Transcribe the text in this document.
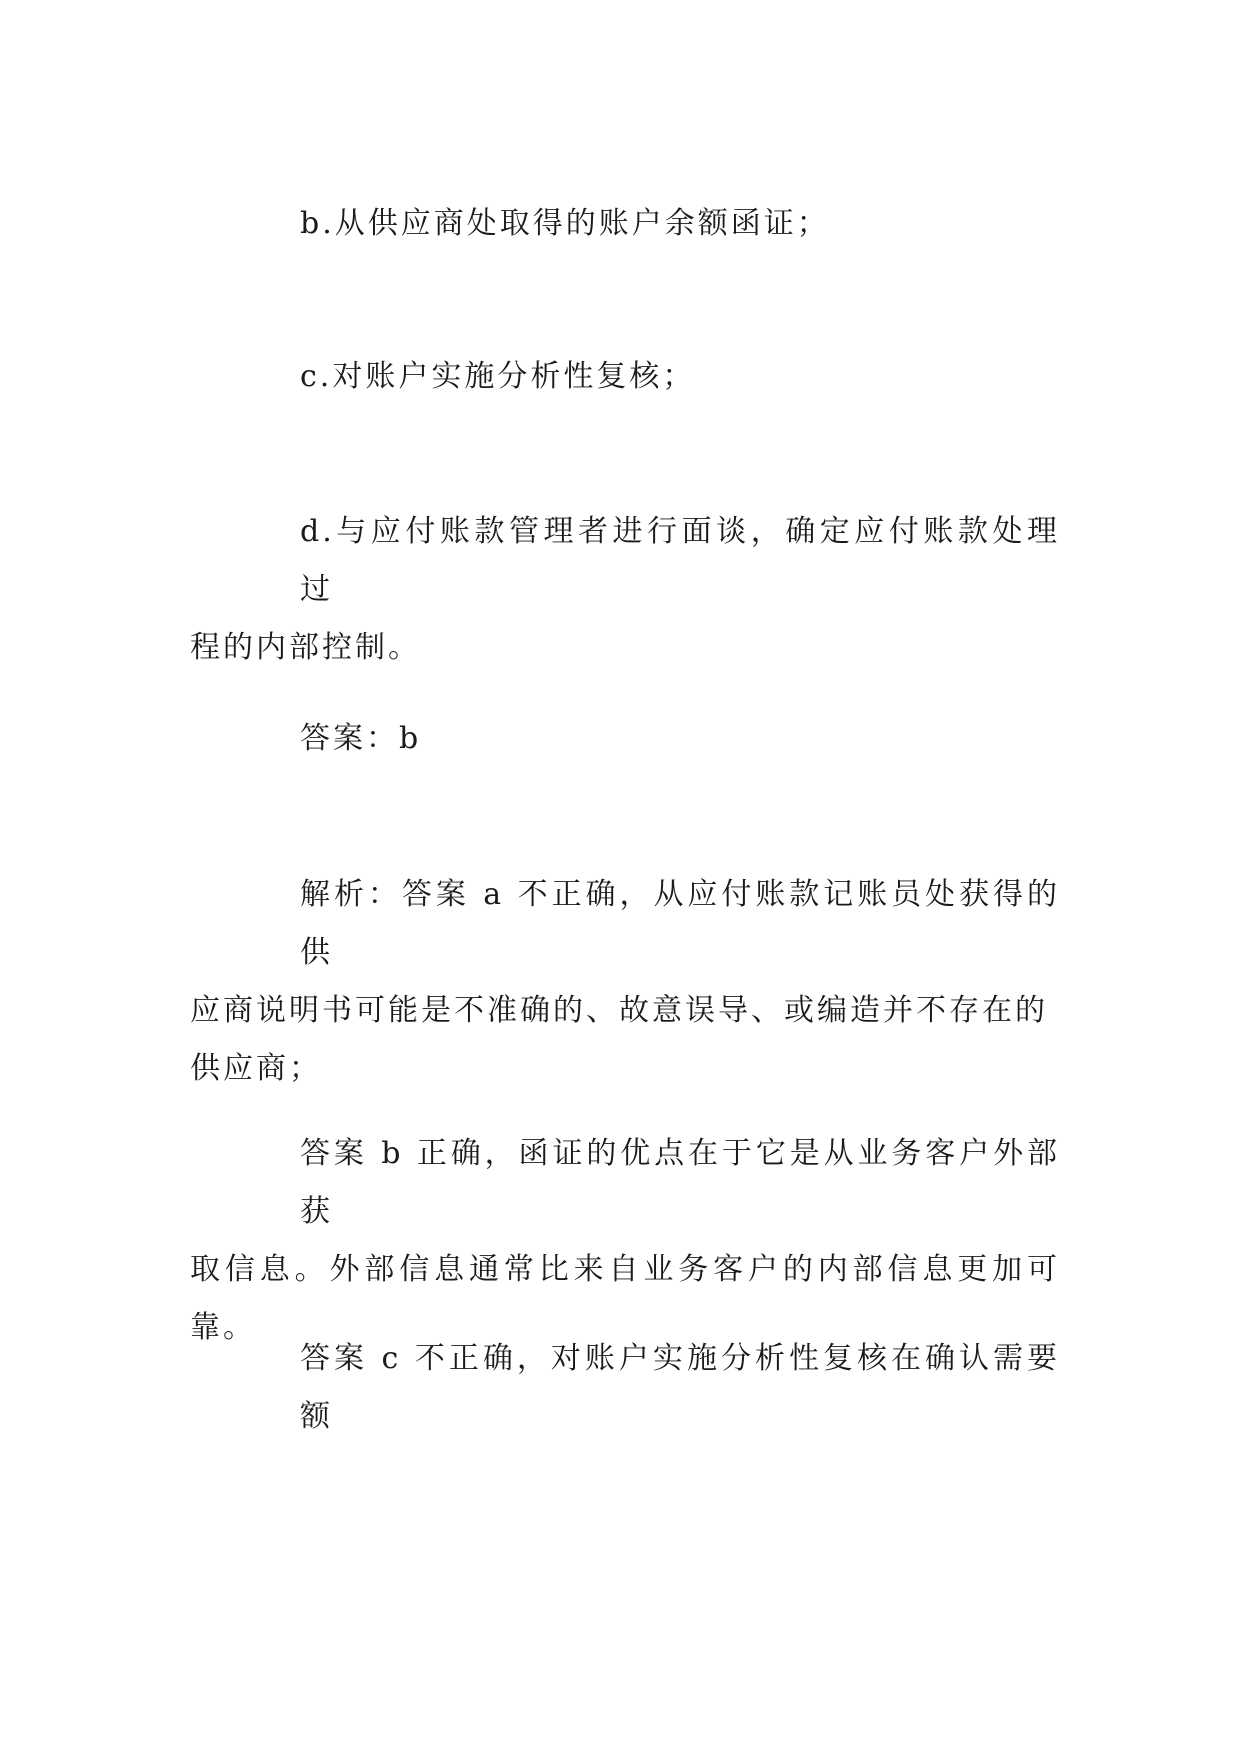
b.从供应商处取得的账户余额函证；
c.对账户实施分析性复核；
d.与应付账款管理者进行面谈，确定应付账款处理过
程的内部控制。
答案：b
解析：答案 a 不正确，从应付账款记账员处获得的供
应商说明书可能是不准确的、故意误导、或编造并不存在的
供应商；
答案 b 正确，函证的优点在于它是从业务客户外部获
取信息。外部信息通常比来自业务客户的内部信息更加可靠。
答案 c 不正确，对账户实施分析性复核在确认需要额
